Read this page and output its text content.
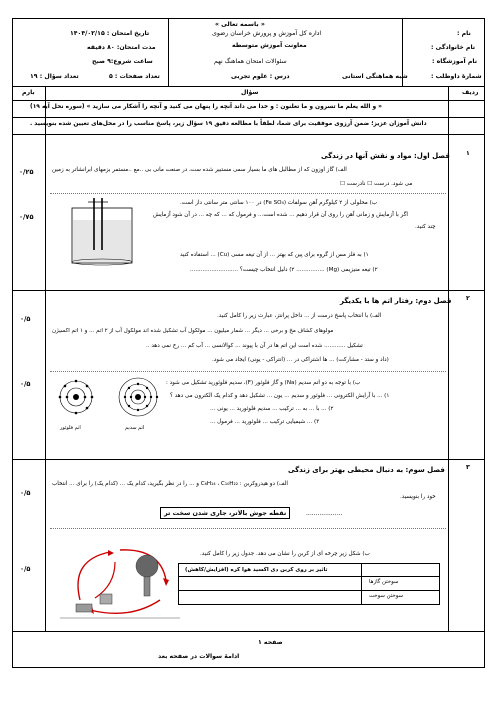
« باسمه تعالی »
اداره کل آموزش و پرورش خراسان رضوی
معاونت آموزش متوسطه
سئوالات امتحان هماهنگ نهم
شبه هماهنگی استانی
درس : علوم تجربی
نام :
نام خانوادگی :
نام آموزشگاه :
شمارهٔ داوطلب :
تاریخ امتحان : ۱۴۰۴/۰۲/۱۵
مدت امتحان: ۸۰ دقیقه
ساعت شروع:۹ صبح
تعداد صفحات : ۵
تعداد سؤال : ۱۹
ردیف
سؤال
بارم
« و الله یعلم ما تسرون و ما تعلنون : و خدا می داند آنچه را پنهان می کنید و آنچه را آشکار می سازید » (سوره نحل آیه ۱۹)
دانش آموزان عزیز؛ ضمن آرزوی موفقیت برای شما، لطفاً با مطالعه دقیق ۱۹ سؤال زیر، پاسخ مناسب را در محل‌های تعیین شده بنویسید .
۱
فصل اول: مواد و نقش آنها در زندگی
الف) گاز اوزون که از مطالبل های ما بسیار سمی مستبیر شده ست، در صنعت مانی بی ..مع ..مستمر بزمهای ابرانشاتر به زمین
می شود. درست ☐ نادرست ☐
ب) محلولی از ۲ کیلوگرم آهن سولفات (Fe SO₄) در ۱۰۰ سانتی متر سانتی دار است.
اگر با آزمایش و زمانی آهن را روی آن قرار دهیم ... شده است... و فرمول که ... که چه ... در آن شود آزمایش
چند کنید.
۱) به فلز مس از گروه برای پین که بهتر ... از آن تیغه مسی (Cu) ... استفاده کنید
۲) تیغه منیزیمی (Mg) ................ ۲) دلیل انتخاب چیست؟ ...........................
۰/۲۵
۰/۷۵
۲
فصل دوم: رفتار اتم ها با یکدیگر
الف) با انتخاب پاسخ درست از ... داخل پرانتز، عبارت زیر را کامل کنید.
مولوهای کشاف مخ و برخی ... دیگر ... شمار میلیون ... مولکول آب تشکیل شده اند مولکول آب از ۲ اتم ... و ۱ اتم اکسیژن
تشکیل ............ شده است این اتم ها در آن با پیوند ... کوالانسی ... آب کم ... رخ نمی دهد ..
(داد و ستد - مشارکت) ... ها اشتراکی در ... (انتراکی - یونی) ایجاد می شود.
ب) با توجه به دو اتم سدیم (Na) و گاز فلوئور (F)، سدیم فلوئورید تشکیل می شود :
۱) ... با آرایش الکترونی ... فلوئور و سدیم ... یون ... تشکیل دهد و کدام یک الکترون می دهد ؟
۲) ... با ... به ... ترکیب ... سدیم فلوئورید ... یونی ...
۳) ... شیمیایی ترکیب ... فلوئورید ... فرمول ...
۰/۵
۰/۵
اتم فلوئور	اتم سدیم
۳
فصل سوم: به دنبال محیطی بهتر برای زندگی
الف) دو هیدروکربن : C₆H₁₄ ، C₁₀H₂₂ و ... را در نظر بگیرید، کدام یک ... (کدام یک) را برای ... انتخاب
خود را بنویسید.
نقطه جوش بالاتر، جاری شدن سخت تر	...................
ب) شکل زیر چرخه ای از کربن را نشان می دهد. جدول زیر را کامل کنید.
۰/۵
۰/۵	تاثیر بر روی کربن دی اکسید هوا کره (افزایش/کاهش)
سوختن گازها
سوختن سوخت
صفحه ۱
ادامهٔ سوالات در صفحه بعد
